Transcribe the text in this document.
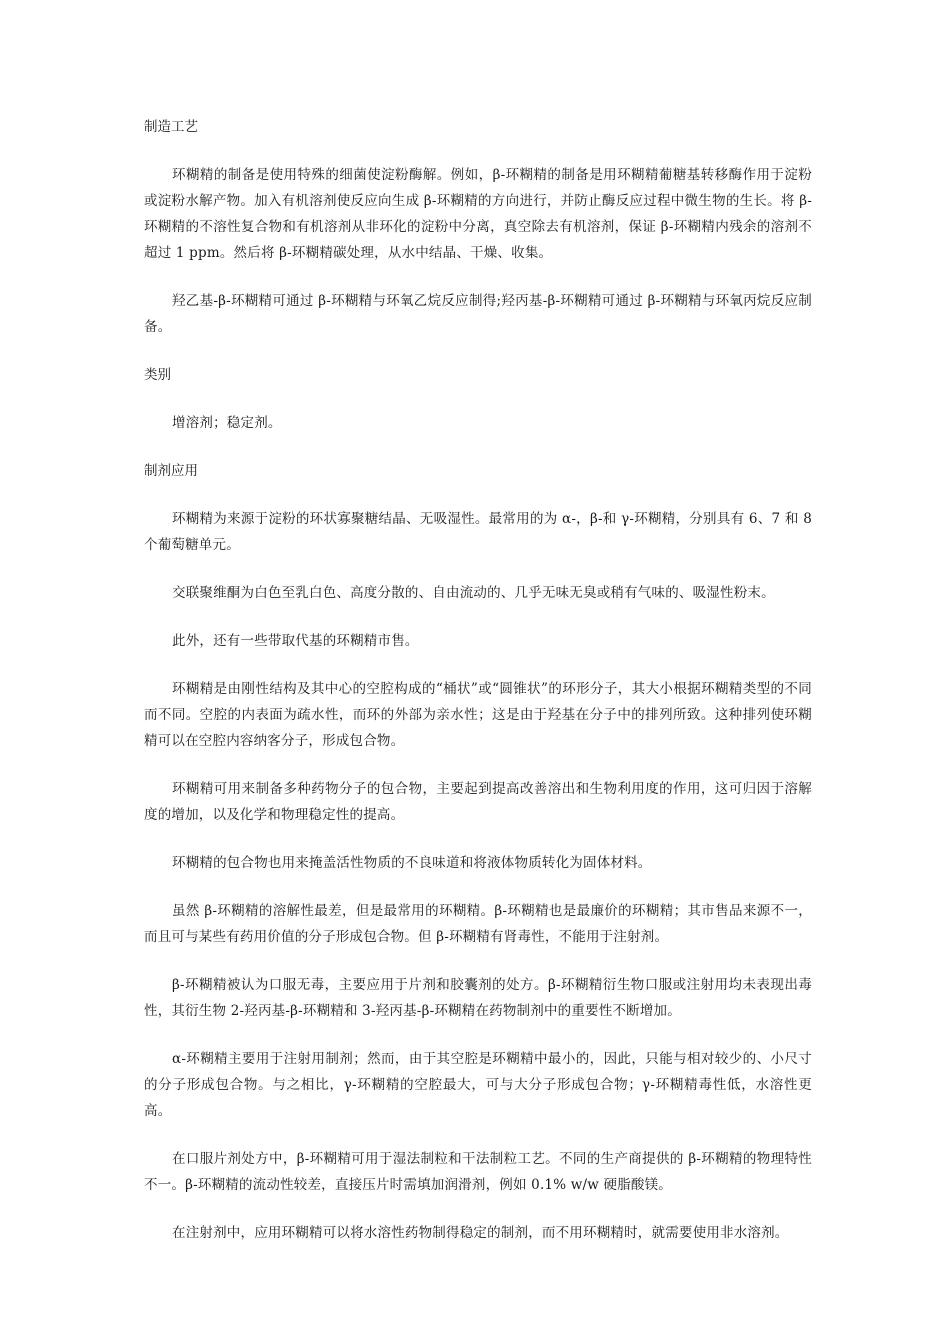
制造工艺

环糊精的制备是使用特殊的细菌使淀粉酶解。例如，β-环糊精的制备是用环糊精葡糖基转移酶作用于淀粉或淀粉水解产物。加入有机溶剂使反应向生成 β-环糊精的方向进行，并防止酶反应过程中微生物的生长。将 β-环糊精的不溶性复合物和有机溶剂从非环化的淀粉中分离，真空除去有机溶剂，保证 β-环糊精内残余的溶剂不超过 1 ppm。然后将 β-环糊精碳处理，从水中结晶、干燥、收集。

羟乙基-β-环糊精可通过 β-环糊精与环氧乙烷反应制得;羟丙基-β-环糊精可通过 β-环糊精与环氧丙烷反应制备。

类别

增溶剂；稳定剂。

制剂应用

环糊精为来源于淀粉的环状寡聚糖结晶、无吸湿性。最常用的为 α-，β-和 γ-环糊精，分别具有 6、7 和 8 个葡萄糖单元。

交联聚维酮为白色至乳白色、高度分散的、自由流动的、几乎无味无臭或稍有气味的、吸湿性粉末。

此外，还有一些带取代基的环糊精市售。

环糊精是由刚性结构及其中心的空腔构成的“桶状”或“圆锥状”的环形分子，其大小根据环糊精类型的不同而不同。空腔的内表面为疏水性，而环的外部为亲水性；这是由于羟基在分子中的排列所致。这种排列使环糊精可以在空腔内容纳客分子，形成包合物。

环糊精可用来制备多种药物分子的包合物，主要起到提高改善溶出和生物利用度的作用，这可归因于溶解度的增加，以及化学和物理稳定性的提高。

环糊精的包合物也用来掩盖活性物质的不良味道和将液体物质转化为固体材料。

虽然 β-环糊精的溶解性最差，但是最常用的环糊精。β-环糊精也是最廉价的环糊精；其市售品来源不一，而且可与某些有药用价值的分子形成包合物。但 β-环糊精有肾毒性，不能用于注射剂。

β-环糊精被认为口服无毒，主要应用于片剂和胶囊剂的处方。β-环糊精衍生物口服或注射用均未表现出毒性，其衍生物 2-羟丙基-β-环糊精和 3-羟丙基-β-环糊精在药物制剂中的重要性不断增加。

α-环糊精主要用于注射用制剂；然而，由于其空腔是环糊精中最小的，因此，只能与相对较少的、小尺寸的分子形成包合物。与之相比，γ-环糊精的空腔最大，可与大分子形成包合物；γ-环糊精毒性低，水溶性更高。

在口服片剂处方中，β-环糊精可用于湿法制粒和干法制粒工艺。不同的生产商提供的 β-环糊精的物理特性不一。β-环糊精的流动性较差，直接压片时需填加润滑剂，例如 0.1% w/w 硬脂酸镁。

在注射剂中，应用环糊精可以将水溶性药物制得稳定的制剂，而不用环糊精时，就需要使用非水溶剂。
